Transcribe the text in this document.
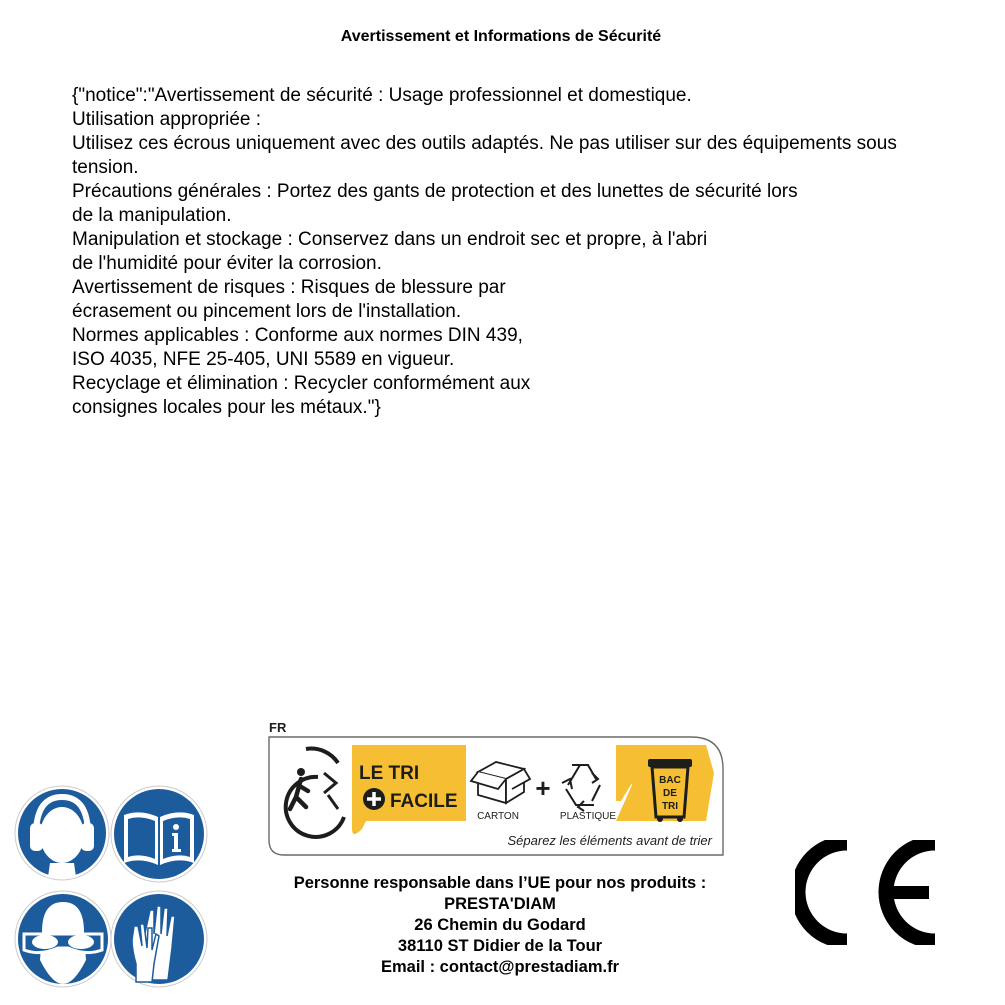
Avertissement et Informations de Sécurité
{"notice":"Avertissement de sécurité : Usage professionnel et domestique.
Utilisation appropriée :
Utilisez ces écrous uniquement avec des outils adaptés. Ne pas utiliser sur des équipements sous
tension.
Précautions générales : Portez des gants de protection et des lunettes de sécurité lors
de la manipulation.
Manipulation et stockage : Conservez dans un endroit sec et propre, à l'abri
de l'humidité pour éviter la corrosion.
Avertissement de risques : Risques de blessure par
écrasement ou pincement lors de l'installation.
Normes applicables : Conforme aux normes DIN 439,
ISO 4035, NFE 25-405, UNI 5589 en vigueur.
Recyclage et élimination : Recycler conformément aux
consignes locales pour les métaux."}
FR
LE TRI
FACILE
CARTON
+
PLASTIQUE
BAC
DE
TRI
Séparez les éléments avant de trier
Personne responsable dans l’UE pour nos produits :
PRESTA'DIAM
26 Chemin du Godard
38110 ST Didier de la Tour
Email : contact@prestadiam.fr
